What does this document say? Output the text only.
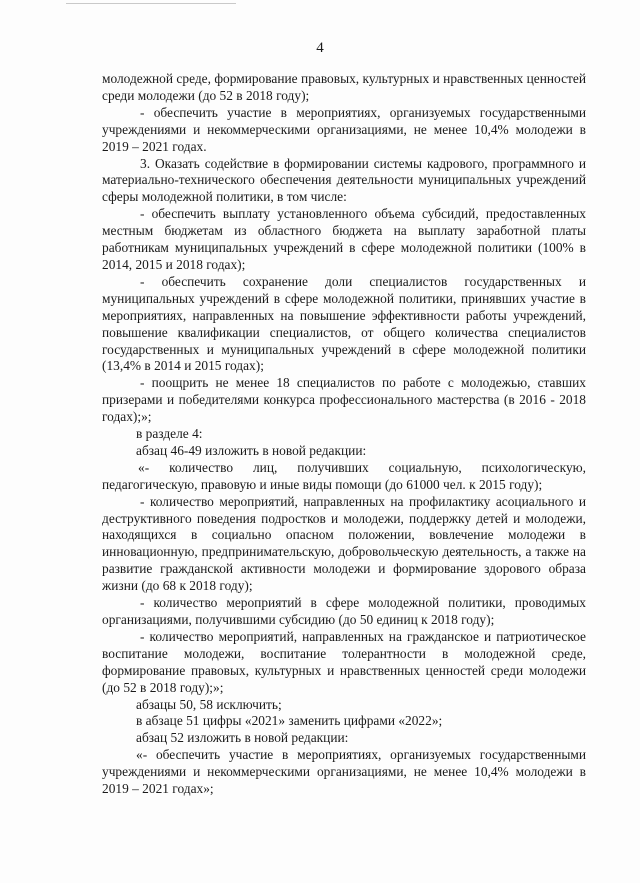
4

молодежной среде, формирование правовых, культурных и нравственных ценностей среди молодежи (до 52 в 2018 году);

- обеспечить участие в мероприятиях, организуемых государственными учреждениями и некоммерческими организациями, не менее 10,4% молодежи в 2019 – 2021 годах.

3. Оказать содействие в формировании системы кадрового, программного и материально-технического обеспечения деятельности муниципальных учреждений сферы молодежной политики, в том числе:

- обеспечить выплату установленного объема субсидий, предоставленных местным бюджетам из областного бюджета на выплату заработной платы работникам муниципальных учреждений в сфере молодежной политики (100% в 2014, 2015 и 2018 годах);

- обеспечить сохранение доли специалистов государственных и муниципальных учреждений в сфере молодежной политики, принявших участие в мероприятиях, направленных на повышение эффективности работы учреждений, повышение квалификации специалистов, от общего количества специалистов государственных и муниципальных учреждений в сфере молодежной политики (13,4% в 2014 и 2015 годах);

- поощрить не менее 18 специалистов по работе с молодежью, ставших призерами и победителями конкурса профессионального мастерства (в 2016 - 2018 годах);»;

в разделе 4:

абзац 46-49 изложить в новой редакции:

«- количество лиц, получивших социальную, психологическую, педагогическую, правовую и иные виды помощи (до 61000 чел. к 2015 году);

- количество мероприятий, направленных на профилактику асоциального и деструктивного поведения подростков и молодежи, поддержку детей и молодежи, находящихся в социально опасном положении, вовлечение молодежи в инновационную, предпринимательскую, добровольческую деятельность, а также на развитие гражданской активности молодежи и формирование здорового образа жизни (до 68 к 2018 году);

- количество мероприятий в сфере молодежной политики, проводимых организациями, получившими субсидию (до 50 единиц к 2018 году);

- количество мероприятий, направленных на гражданское и патриотическое воспитание молодежи, воспитание толерантности в молодежной среде, формирование правовых, культурных и нравственных ценностей среди молодежи (до 52 в 2018 году);»;

абзацы 50, 58 исключить;

в абзаце 51 цифры «2021» заменить цифрами «2022»;

абзац 52 изложить в новой редакции:

«- обеспечить участие в мероприятиях, организуемых государственными учреждениями и некоммерческими организациями, не менее 10,4% молодежи в 2019 – 2021 годах»;
